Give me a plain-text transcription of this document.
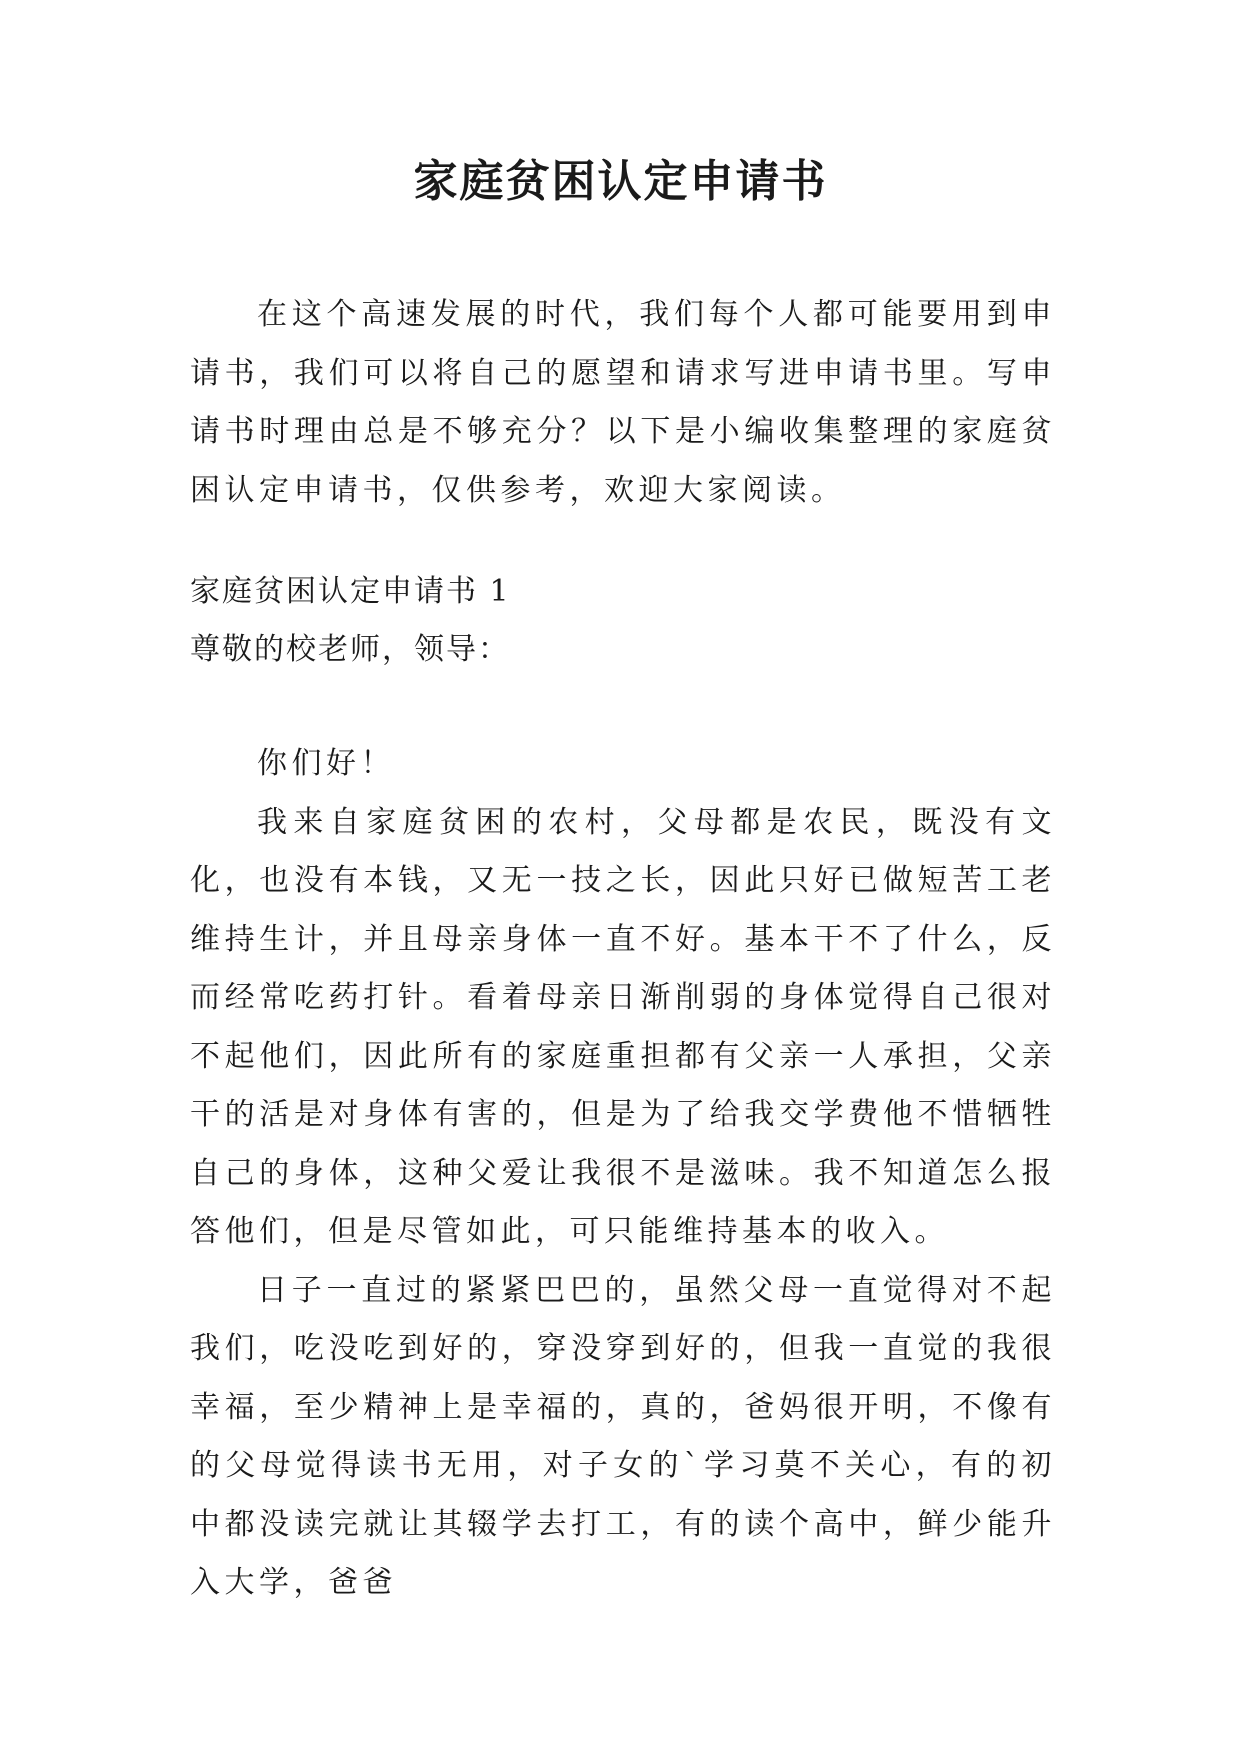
家庭贫困认定申请书

在这个高速发展的时代，我们每个人都可能要用到申请书，我们可以将自己的愿望和请求写进申请书里。写申请书时理由总是不够充分？以下是小编收集整理的家庭贫困认定申请书，仅供参考，欢迎大家阅读。

家庭贫困认定申请书 1

尊敬的校老师，领导：

你们好！

我来自家庭贫困的农村，父母都是农民，既没有文化，也没有本钱，又无一技之长，因此只好已做短苦工老维持生计，并且母亲身体一直不好。基本干不了什么，反而经常吃药打针。看着母亲日渐削弱的身体觉得自己很对不起他们，因此所有的家庭重担都有父亲一人承担，父亲干的活是对身体有害的，但是为了给我交学费他不惜牺牲自己的身体，这种父爱让我很不是滋味。我不知道怎么报答他们，但是尽管如此，可只能维持基本的收入。

日子一直过的紧紧巴巴的，虽然父母一直觉得对不起我们，吃没吃到好的，穿没穿到好的，但我一直觉的我很幸福，至少精神上是幸福的，真的，爸妈很开明，不像有的父母觉得读书无用，对子女的`学习莫不关心，有的初中都没读完就让其辍学去打工，有的读个高中，鲜少能升入大学，爸爸
